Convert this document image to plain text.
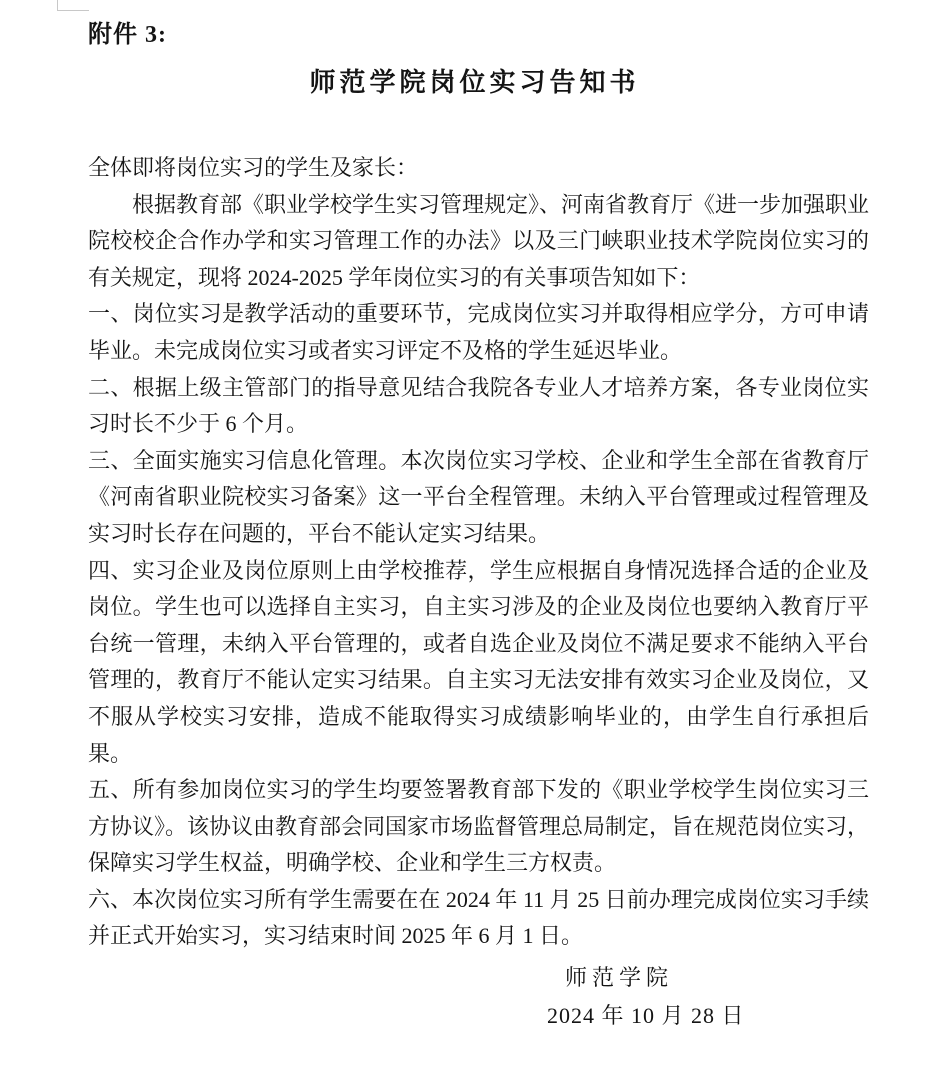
附件 3:
师范学院岗位实习告知书

全体即将岗位实习的学生及家长：

根据教育部《职业学校学生实习管理规定》、河南省教育厅《进一步加强职业院校校企合作办学和实习管理工作的办法》以及三门峡职业技术学院岗位实习的有关规定，现将 2024-2025 学年岗位实习的有关事项告知如下：

一、岗位实习是教学活动的重要环节，完成岗位实习并取得相应学分，方可申请毕业。未完成岗位实习或者实习评定不及格的学生延迟毕业。

二、根据上级主管部门的指导意见结合我院各专业人才培养方案，各专业岗位实习时长不少于 6 个月。

三、全面实施实习信息化管理。本次岗位实习学校、企业和学生全部在省教育厅《河南省职业院校实习备案》这一平台全程管理。未纳入平台管理或过程管理及实习时长存在问题的，平台不能认定实习结果。

四、实习企业及岗位原则上由学校推荐，学生应根据自身情况选择合适的企业及岗位。学生也可以选择自主实习，自主实习涉及的企业及岗位也要纳入教育厅平台统一管理，未纳入平台管理的，或者自选企业及岗位不满足要求不能纳入平台管理的，教育厅不能认定实习结果。自主实习无法安排有效实习企业及岗位，又不服从学校实习安排，造成不能取得实习成绩影响毕业的，由学生自行承担后果。

五、所有参加岗位实习的学生均要签署教育部下发的《职业学校学生岗位实习三方协议》。该协议由教育部会同国家市场监督管理总局制定，旨在规范岗位实习，保障实习学生权益，明确学校、企业和学生三方权责。

六、本次岗位实习所有学生需要在在 2024 年 11 月 25 日前办理完成岗位实习手续并正式开始实习，实习结束时间 2025 年 6 月 1 日。

师范学院
2024 年 10 月 28 日
